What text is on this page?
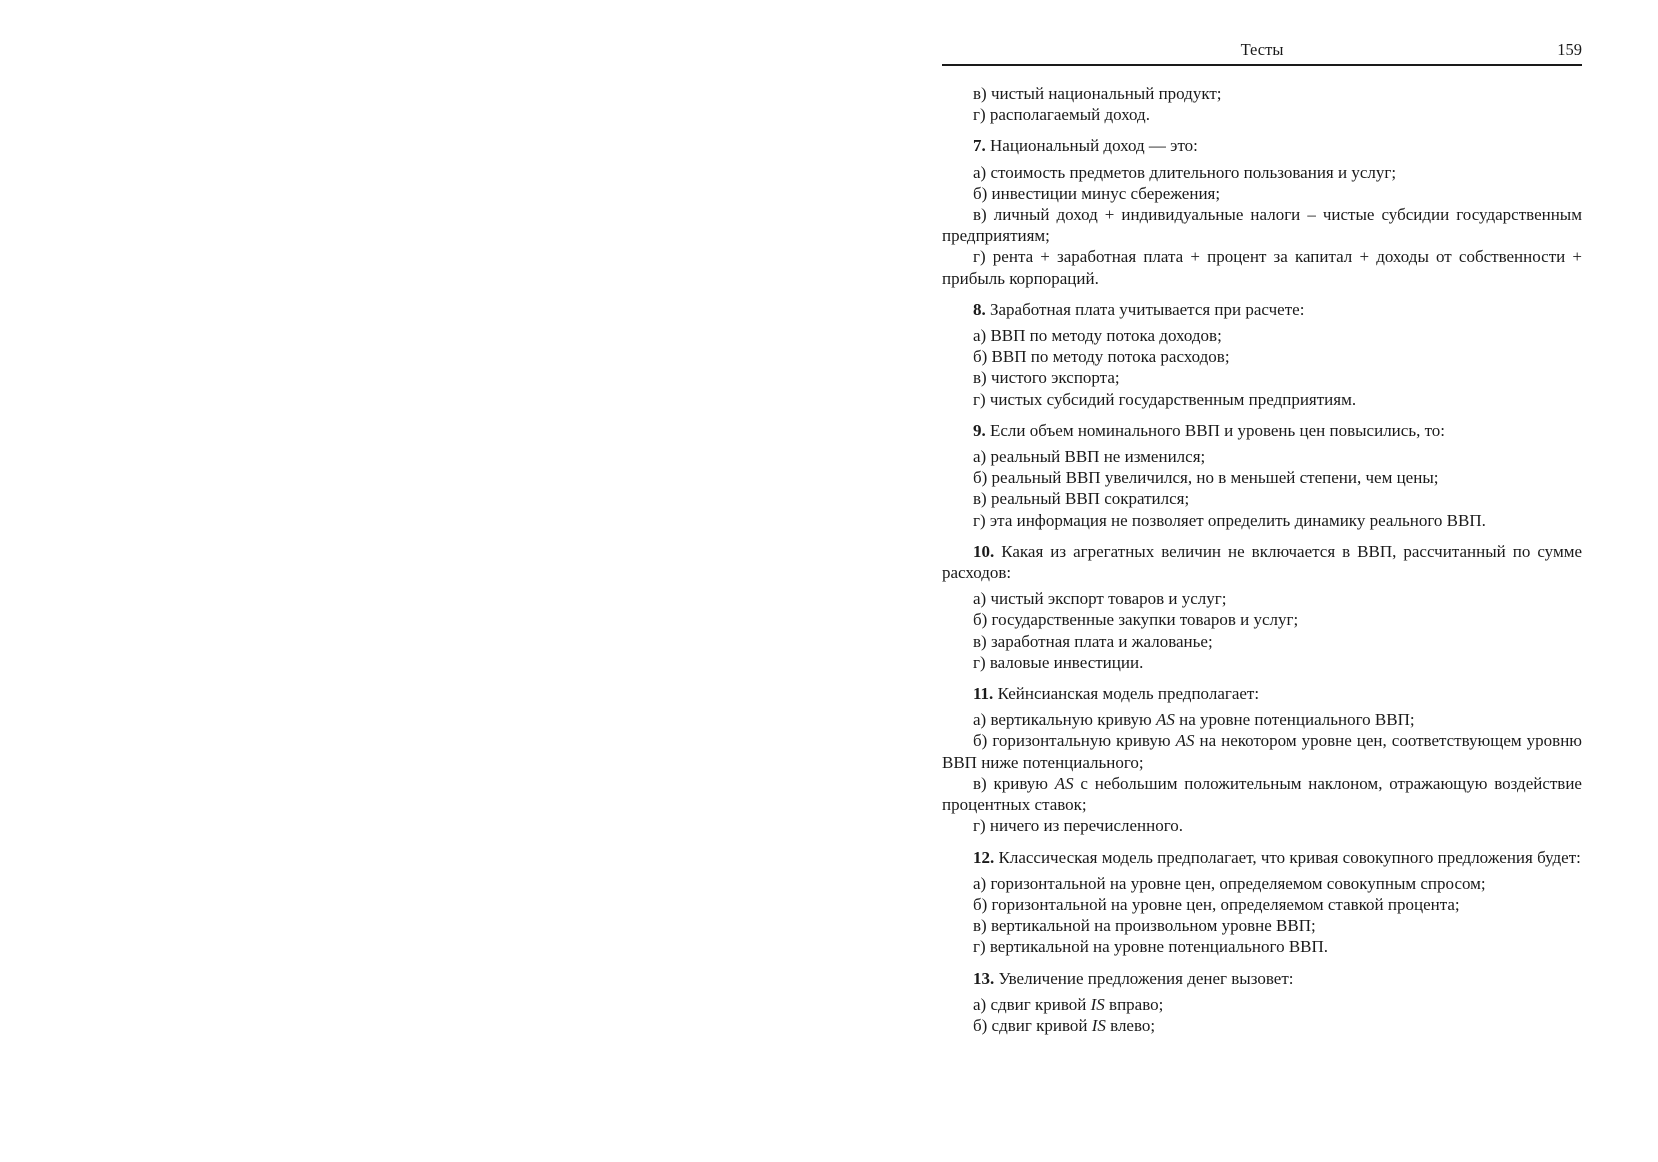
Тесты	159

в) чистый национальный продукт;

г) располагаемый доход.

7. Национальный доход — это:

а) стоимость предметов длительного пользования и услуг;

б) инвестиции минус сбережения;

в) личный доход + индивидуальные налоги – чистые субсидии государственным предприятиям;

г) рента + заработная плата + процент за капитал + доходы от собственности + прибыль корпораций.

8. Заработная плата учитывается при расчете:

а) ВВП по методу потока доходов;

б) ВВП по методу потока расходов;

в) чистого экспорта;

г) чистых субсидий государственным предприятиям.

9. Если объем номинального ВВП и уровень цен повысились, то:

а) реальный ВВП не изменился;

б) реальный ВВП увеличился, но в меньшей степени, чем цены;

в) реальный ВВП сократился;

г) эта информация не позволяет определить динамику реального ВВП.

10. Какая из агрегатных величин не включается в ВВП, рассчитанный по сумме расходов:

а) чистый экспорт товаров и услуг;

б) государственные закупки товаров и услуг;

в) заработная плата и жалованье;

г) валовые инвестиции.

11. Кейнсианская модель предполагает:

а) вертикальную кривую AS на уровне потенциального ВВП;

б) горизонтальную кривую AS на некотором уровне цен, соответствующем уровню ВВП ниже потенциального;

в) кривую AS с небольшим положительным наклоном, отражающую воздействие процентных ставок;

г) ничего из перечисленного.

12. Классическая модель предполагает, что кривая совокупного предложения будет:

а) горизонтальной на уровне цен, определяемом совокупным спросом;

б) горизонтальной на уровне цен, определяемом ставкой процента;

в) вертикальной на произвольном уровне ВВП;

г) вертикальной на уровне потенциального ВВП.

13. Увеличение предложения денег вызовет:

а) сдвиг кривой IS вправо;

б) сдвиг кривой IS влево;
